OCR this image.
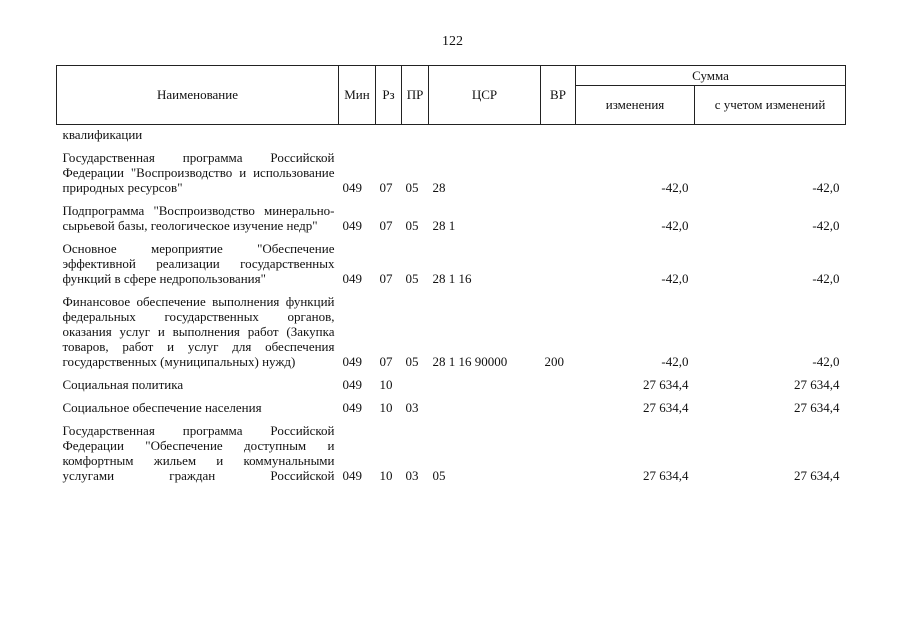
122
Наименование	Мин	Рз	ПР	ЦСР	ВР	Сумма	
						изменения	с учетом изменений
квалификации							

Государственная программа Российской Федерации "Воспроизводство и использование природных ресурсов"	049	07	05	28		-42,0	-42,0

Подпрограмма "Воспроизводство минерально-сырьевой базы, геологическое изучение недр"	049	07	05	28 1		-42,0	-42,0

Основное мероприятие "Обеспечение эффективной реализации государственных функций в сфере недропользования"	049	07	05	28 1 16		-42,0	-42,0

Финансовое обеспечение выполнения функций федеральных государственных органов, оказания услуг и выполнения работ (Закупка товаров, работ и услуг для обеспечения государственных (муниципальных) нужд)	049	07	05	28 1 16 90000	200	-42,0	-42,0

Социальная политика	049	10				27 634,4	27 634,4

Социальное обеспечение населения	049	10	03			27 634,4	27 634,4

Государственная программа Российской Федерации "Обеспечение доступным и комфортным жильем и коммунальными услугами граждан Российской	049	10	03	05		27 634,4	27 634,4
